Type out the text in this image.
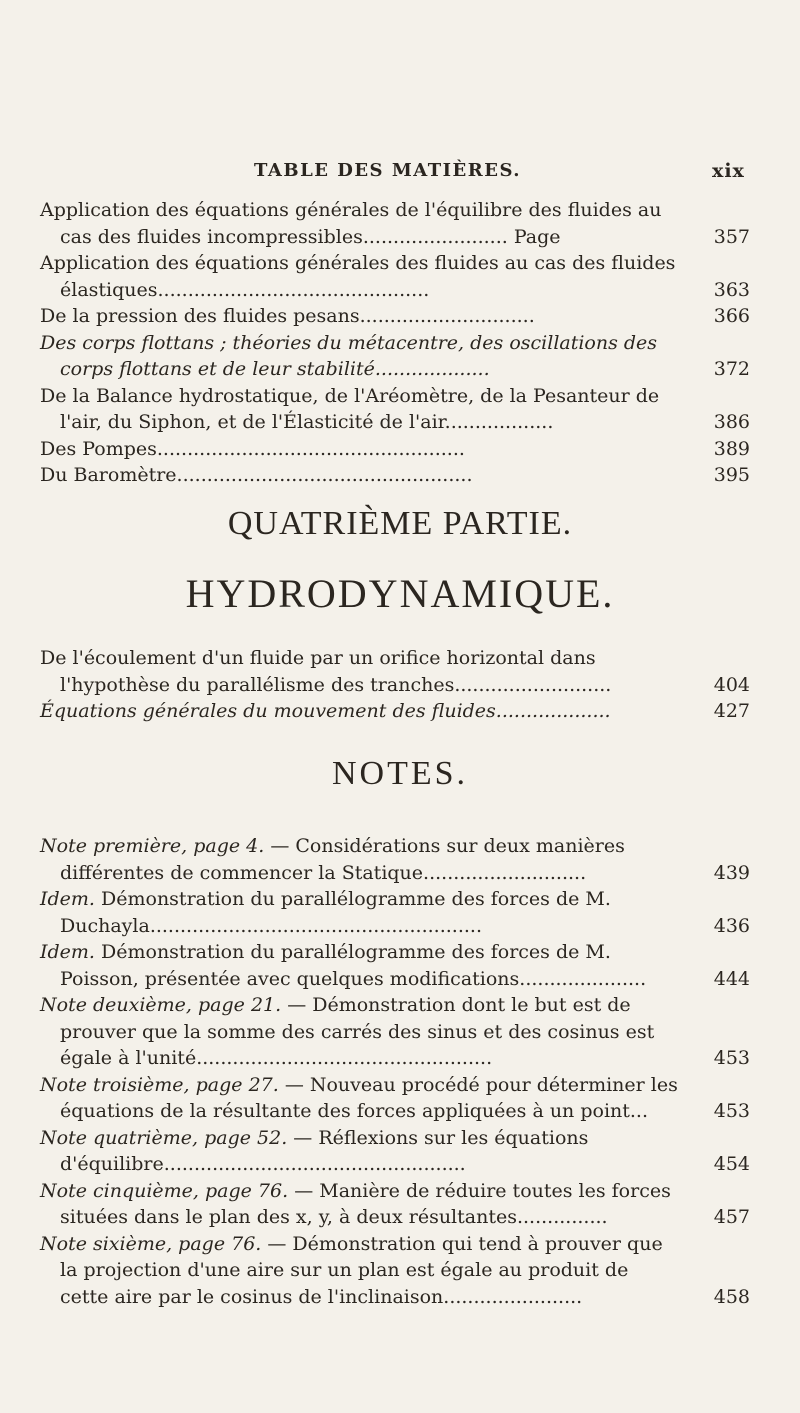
TABLE DES MATIÈRES.	xix
Application des équations générales de l'équilibre des fluides au cas des fluides incompressibles........................ Page	357
Application des équations générales des fluides au cas des fluides élastiques.............................................	363
De la pression des fluides pesans.............................	366
Des corps flottans ; théories du métacentre, des oscillations des corps flottans et de leur stabilité...................	372
De la Balance hydrostatique, de l'Aréomètre, de la Pesanteur de l'air, du Siphon, et de l'Élasticité de l'air..................	386
Des Pompes...................................................	389
Du Baromètre.................................................	395
QUATRIÈME PARTIE.
HYDRODYNAMIQUE.
De l'écoulement d'un fluide par un orifice horizontal dans l'hypothèse du parallélisme des tranches..........................	404
Équations générales du mouvement des fluides...................	427
NOTES.
Note première, page 4. — Considérations sur deux manières différentes de commencer la Statique...........................	439
Idem. Démonstration du parallélogramme des forces de M. Duchayla.......................................................	436
Idem. Démonstration du parallélogramme des forces de M. Poisson, présentée avec quelques modifications.....................	444
Note deuxième, page 21. — Démonstration dont le but est de prouver que la somme des carrés des sinus et des cosinus est égale à l'unité.................................................	453
Note troisième, page 27. — Nouveau procédé pour déterminer les équations de la résultante des forces appliquées à un point...	453
Note quatrième, page 52. — Réflexions sur les équations d'équilibre..................................................	454
Note cinquième, page 76. — Manière de réduire toutes les forces situées dans le plan des x, y, à deux résultantes...............	457
Note sixième, page 76. — Démonstration qui tend à prouver que la projection d'une aire sur un plan est égale au produit de cette aire par le cosinus de l'inclinaison.......................	458
